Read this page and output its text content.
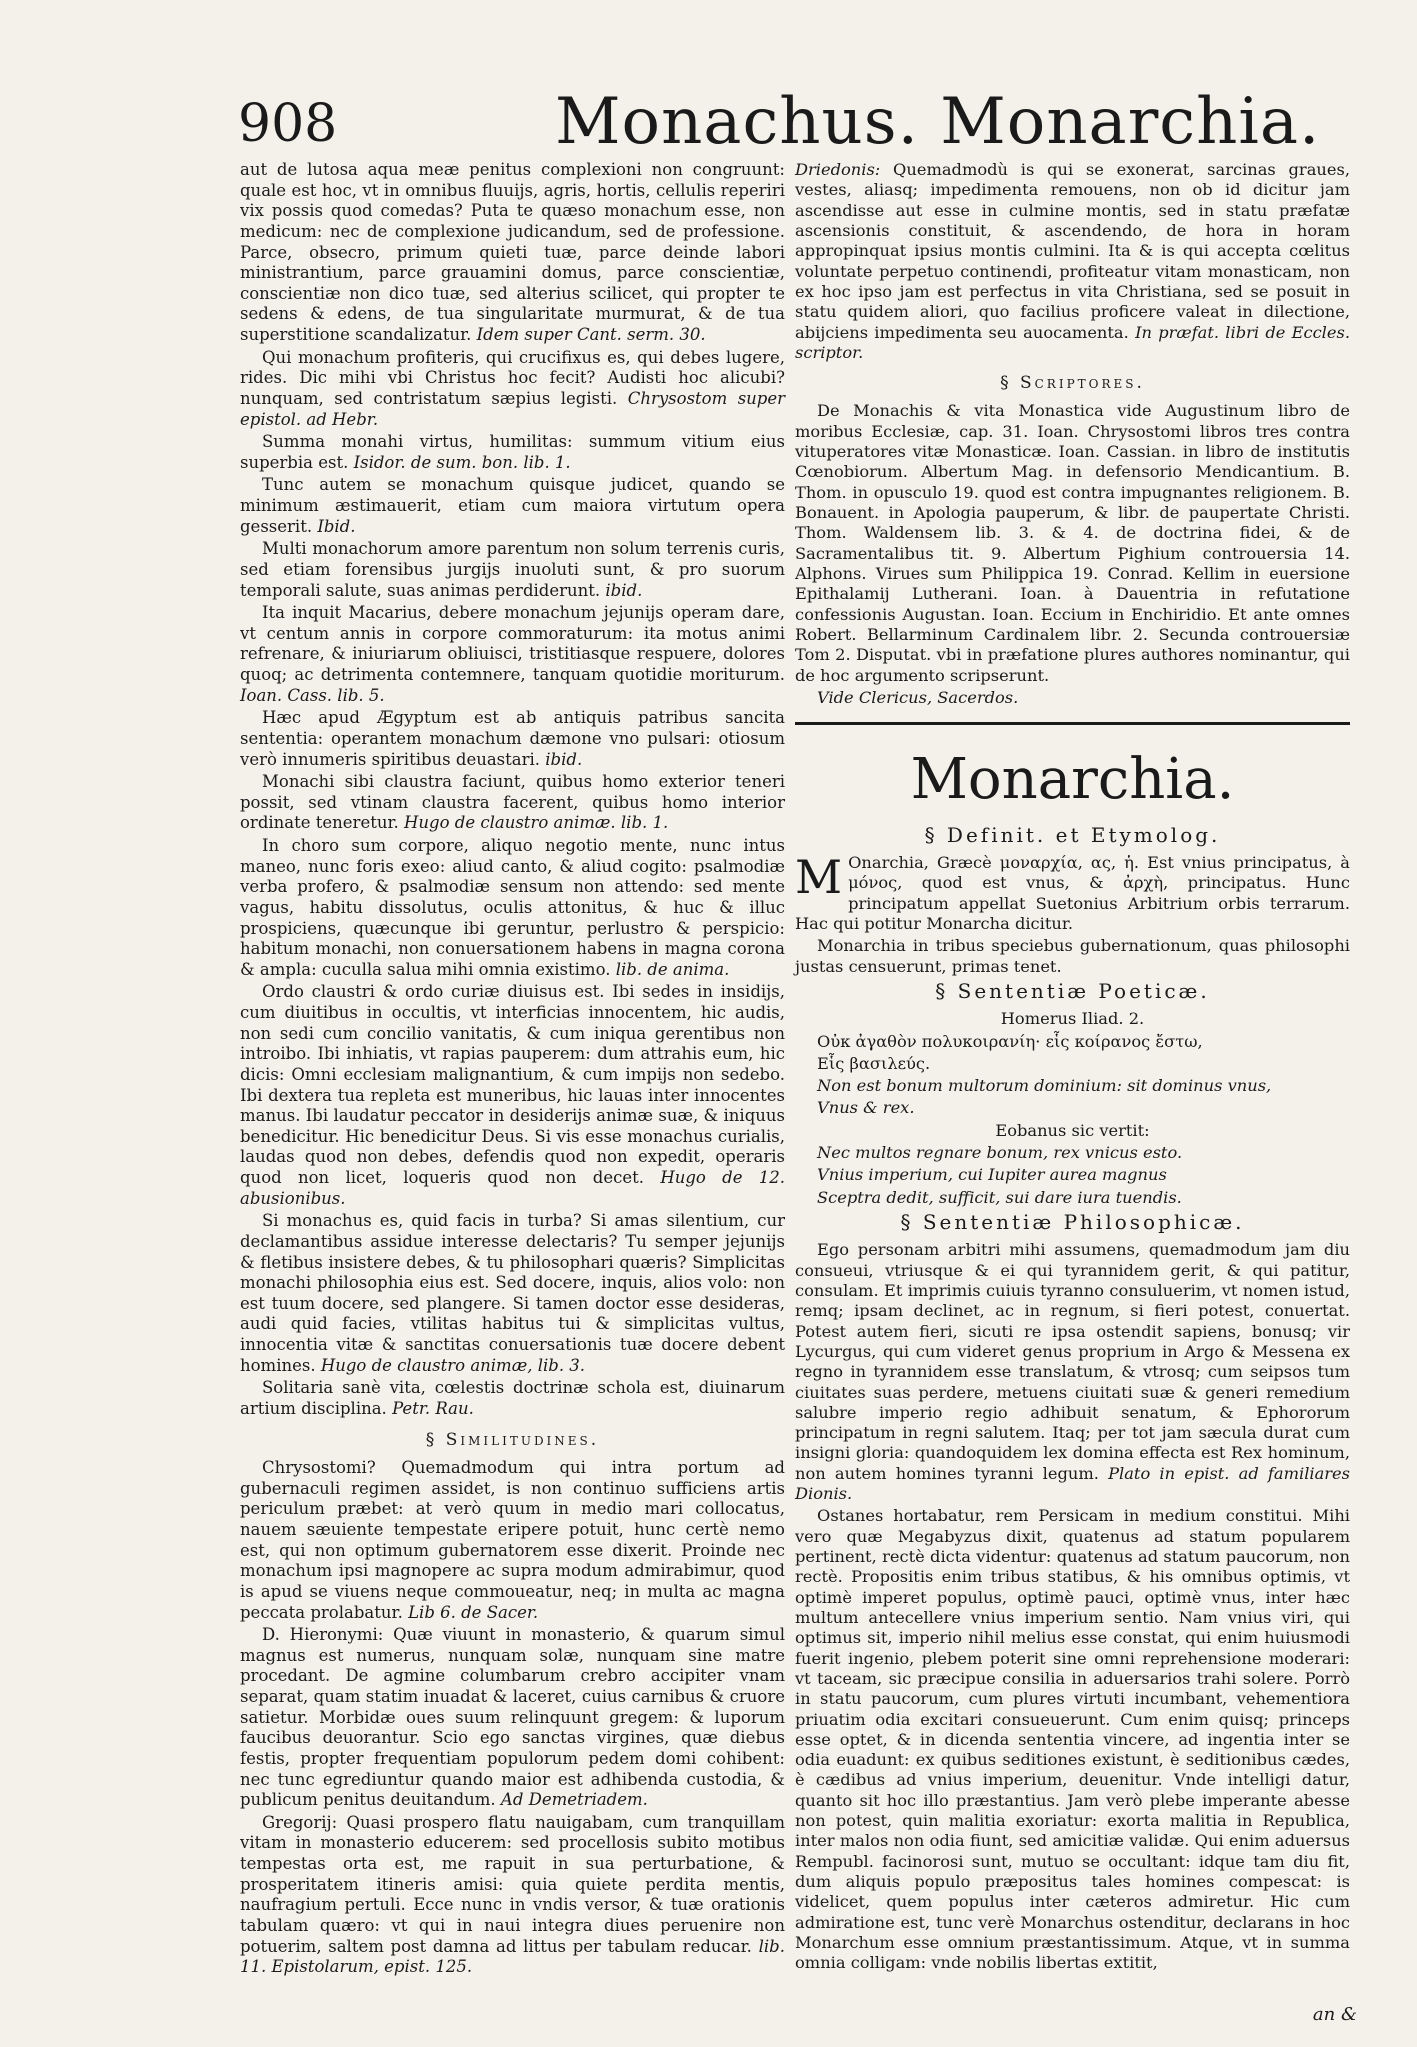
908	Monachus. Monarchia.

aut de lutosa aqua meæ penitus complexioni non congruunt: quale est hoc, vt in omnibus fluuijs, agris, hortis, cellulis reperiri vix possis quod comedas? Puta te quæso monachum esse, non medicum: nec de complexione judicandum, sed de professione. Parce, obsecro, primum quieti tuæ, parce deinde labori ministrantium, parce grauamini domus, parce conscientiæ, conscientiæ non dico tuæ, sed alterius scilicet, qui propter te sedens & edens, de tua singularitate murmurat, & de tua superstitione scandalizatur. Idem super Cant. serm. 30.

Qui monachum profiteris, qui crucifixus es, qui debes lugere, rides. Dic mihi vbi Christus hoc fecit? Audisti hoc alicubi? nunquam, sed contristatum sæpius legisti. Chrysostom super epistol. ad Hebr.

Summa monahi virtus, humilitas: summum vitium eius superbia est. Isidor. de sum. bon. lib. 1.

Tunc autem se monachum quisque judicet, quando se minimum æstimauerit, etiam cum maiora virtutum opera gesserit. Ibid.

Multi monachorum amore parentum non solum terrenis curis, sed etiam forensibus jurgijs inuoluti sunt, & pro suorum temporali salute, suas animas perdiderunt. ibid.

Ita inquit Macarius, debere monachum jejunijs operam dare, vt centum annis in corpore commoraturum: ita motus animi refrenare, & iniuriarum obliuisci, tristitiasque respuere, dolores quoq; ac detrimenta contemnere, tanquam quotidie moriturum. Ioan. Cass. lib. 5.

Hæc apud Ægyptum est ab antiquis patribus sancita sententia: operantem monachum dæmone vno pulsari: otiosum verò innumeris spiritibus deuastari. ibid.

Monachi sibi claustra faciunt, quibus homo exterior teneri possit, sed vtinam claustra facerent, quibus homo interior ordinate teneretur. Hugo de claustro animæ. lib. 1.

In choro sum corpore, aliquo negotio mente, nunc intus maneo, nunc foris exeo: aliud canto, & aliud cogito: psalmodiæ verba profero, & psalmodiæ sensum non attendo: sed mente vagus, habitu dissolutus, oculis attonitus, & huc & illuc prospiciens, quæcunque ibi geruntur, perlustro & perspicio: habitum monachi, non conuersationem habens in magna corona & ampla: cuculla salua mihi omnia existimo. lib. de anima.

Ordo claustri & ordo curiæ diuisus est. Ibi sedes in insidijs, cum diuitibus in occultis, vt interficias innocentem, hic audis, non sedi cum concilio vanitatis, & cum iniqua gerentibus non introibo. Ibi inhiatis, vt rapias pauperem: dum attrahis eum, hic dicis: Omni ecclesiam malignantium, & cum impijs non sedebo. Ibi dextera tua repleta est muneribus, hic lauas inter innocentes manus. Ibi laudatur peccator in desiderijs animæ suæ, & iniquus benedicitur. Hic benedicitur Deus. Si vis esse monachus curialis, laudas quod non debes, defendis quod non expedit, operaris quod non licet, loqueris quod non decet. Hugo de 12. abusionibus.

Si monachus es, quid facis in turba? Si amas silentium, cur declamantibus assidue interesse delectaris? Tu semper jejunijs & fletibus insistere debes, & tu philosophari quæris? Simplicitas monachi philosophia eius est. Sed docere, inquis, alios volo: non est tuum docere, sed plangere. Si tamen doctor esse desideras, audi quid facies, vtilitas habitus tui & simplicitas vultus, innocentia vitæ & sanctitas conuersationis tuæ docere debent homines. Hugo de claustro animæ, lib. 3.

Solitaria sanè vita, cœlestis doctrinæ schola est, diuinarum artium disciplina. Petr. Rau.

§ Similitudines.

Chrysostomi? Quemadmodum qui intra portum ad gubernaculi regimen assidet, is non continuo sufficiens artis periculum præbet: at verò quum in medio mari collocatus, nauem sæuiente tempestate eripere potuit, hunc certè nemo est, qui non optimum gubernatorem esse dixerit. Proinde nec monachum ipsi magnopere ac supra modum admirabimur, quod is apud se viuens neque commoueatur, neq; in multa ac magna peccata prolabatur. Lib 6. de Sacer.

D. Hieronymi: Quæ viuunt in monasterio, & quarum simul magnus est numerus, nunquam solæ, nunquam sine matre procedant. De agmine columbarum crebro accipiter vnam separat, quam statim inuadat & laceret, cuius carnibus & cruore satietur. Morbidæ oues suum relinquunt gregem: & luporum faucibus deuorantur. Scio ego sanctas virgines, quæ diebus festis, propter frequentiam populorum pedem domi cohibent: nec tunc egrediuntur quando maior est adhibenda custodia, & publicum penitus deuitandum. Ad Demetriadem.

Gregorij: Quasi prospero flatu nauigabam, cum tranquillam vitam in monasterio educerem: sed procellosis subito motibus tempestas orta est, me rapuit in sua perturbatione, & prosperitatem itineris amisi: quia quiete perdita mentis, naufragium pertuli. Ecce nunc in vndis versor, & tuæ orationis tabulam quæro: vt qui in naui integra diues peruenire non potuerim, saltem post damna ad littus per tabulam reducar. lib. 11. Epistolarum, epist. 125.

Driedonis: Quemadmodù is qui se exonerat, sarcinas graues, vestes, aliasq; impedimenta remouens, non ob id dicitur jam ascendisse aut esse in culmine montis, sed in statu præfatæ ascensionis constituit, & ascendendo, de hora in horam appropinquat ipsius montis culmini. Ita & is qui accepta cœlitus voluntate perpetuo continendi, profiteatur vitam monasticam, non ex hoc ipso jam est perfectus in vita Christiana, sed se posuit in statu quidem aliori, quo facilius proficere valeat in dilectione, abijciens impedimenta seu auocamenta. In præfat. libri de Eccles. scriptor.

§ Scriptores.

De Monachis & vita Monastica vide Augustinum libro de moribus Ecclesiæ, cap. 31. Ioan. Chrysostomi libros tres contra vituperatores vitæ Monasticæ. Ioan. Cassian. in libro de institutis Cœnobiorum. Albertum Mag. in defensorio Mendicantium. B. Thom. in opusculo 19. quod est contra impugnantes religionem. B. Bonauent. in Apologia pauperum, & libr. de paupertate Christi. Thom. Waldensem lib. 3. & 4. de doctrina fidei, & de Sacramentalibus tit. 9. Albertum Pighium controuersia 14. Alphons. Virues sum Philippica 19. Conrad. Kellim in euersione Epithalamij Lutherani. Ioan. à Dauentria in refutatione confessionis Augustan. Ioan. Eccium in Enchiridio. Et ante omnes Robert. Bellarminum Cardinalem libr. 2. Secunda controuersiæ Tom 2. Disputat. vbi in præfatione plures authores nominantur, qui de hoc argumento scripserunt.

Vide Clericus, Sacerdos.

Monarchia.
§ Definit. et Etymolog.

M Onarchia, Græcè μοναρχία, ας, ἡ. Est vnius principatus, à μόνος, quod est vnus, & ἀρχὴ, principatus. Hunc principatum appellat Suetonius Arbitrium orbis terrarum. Hac qui potitur Monarcha dicitur.

Monarchia in tribus speciebus gubernationum, quas philosophi justas censuerunt, primas tenet.

§ Sententiæ Poeticæ.

Homerus Iliad. 2.

Οὐκ ἀγαθὸν πολυκοιρανίη· εἷς κοίρανος ἔστω,

Εἷς βασιλεύς.

Non est bonum multorum dominium: sit dominus vnus,

Vnus & rex.

Eobanus sic vertit:

Nec multos regnare bonum, rex vnicus esto.

Vnius imperium, cui Iupiter aurea magnus

Sceptra dedit, sufficit, sui dare iura tuendis.

§ Sententiæ Philosophicæ.

Ego personam arbitri mihi assumens, quemadmodum jam diu consueui, vtriusque & ei qui tyrannidem gerit, & qui patitur, consulam. Et imprimis cuiuis tyranno consuluerim, vt nomen istud, remq; ipsam declinet, ac in regnum, si fieri potest, conuertat. Potest autem fieri, sicuti re ipsa ostendit sapiens, bonusq; vir Lycurgus, qui cum videret genus proprium in Argo & Messena ex regno in tyrannidem esse translatum, & vtrosq; cum seipsos tum ciuitates suas perdere, metuens ciuitati suæ & generi remedium salubre imperio regio adhibuit senatum, & Ephororum principatum in regni salutem. Itaq; per tot jam sæcula durat cum insigni gloria: quandoquidem lex domina effecta est Rex hominum, non autem homines tyranni legum. Plato in epist. ad familiares Dionis.

Ostanes hortabatur, rem Persicam in medium constitui. Mihi vero quæ Megabyzus dixit, quatenus ad statum popularem pertinent, rectè dicta videntur: quatenus ad statum paucorum, non rectè. Propositis enim tribus statibus, & his omnibus optimis, vt optimè imperet populus, optimè pauci, optimè vnus, inter hæc multum antecellere vnius imperium sentio. Nam vnius viri, qui optimus sit, imperio nihil melius esse constat, qui enim huiusmodi fuerit ingenio, plebem poterit sine omni reprehensione moderari: vt taceam, sic præcipue consilia in aduersarios trahi solere. Porrò in statu paucorum, cum plures virtuti incumbant, vehementiora priuatim odia excitari consueuerunt. Cum enim quisq; princeps esse optet, & in dicenda sententia vincere, ad ingentia inter se odia euadunt: ex quibus seditiones existunt, è seditionibus cædes, è cædibus ad vnius imperium, deuenitur. Vnde intelligi datur, quanto sit hoc illo præstantius. Jam verò plebe imperante abesse non potest, quin malitia exoriatur: exorta malitia in Republica, inter malos non odia fiunt, sed amicitiæ validæ. Qui enim aduersus Rempubl. facinorosi sunt, mutuo se occultant: idque tam diu fit, dum aliquis populo præpositus tales homines compescat: is videlicet, quem populus inter cæteros admiretur. Hic cum admiratione est, tunc verè Monarchus ostenditur, declarans in hoc Monarchum esse omnium præstantissimum. Atque, vt in summa omnia colligam: vnde nobilis libertas extitit,

an &
